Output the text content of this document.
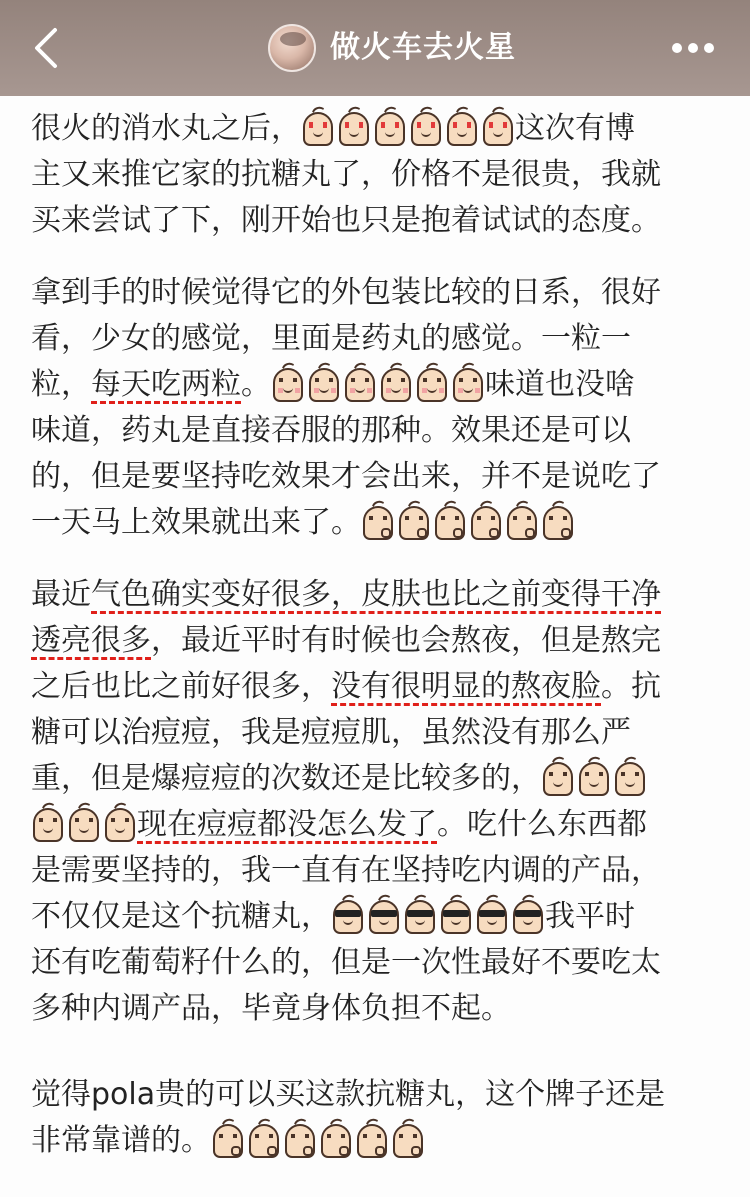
做火车去火星
很火的消水丸之后，	这次有博
主又来推它家的抗糖丸了，价格不是很贵，我就
买来尝试了下，刚开始也只是抱着试试的态度。
拿到手的时候觉得它的外包装比较的日系，很好
看，少女的感觉，里面是药丸的感觉。一粒一
粒，每天吃两粒。	味道也没啥
味道，药丸是直接吞服的那种。效果还是可以
的，但是要坚持吃效果才会出来，并不是说吃了
一天马上效果就出来了。
最近气色确实变好很多，皮肤也比之前变得干净
透亮很多，最近平时有时候也会熬夜，但是熬完
之后也比之前好很多，没有很明显的熬夜脸。抗
糖可以治痘痘，我是痘痘肌，虽然没有那么严
重，但是爆痘痘的次数还是比较多的，
现在痘痘都没怎么发了。吃什么东西都
是需要坚持的，我一直有在坚持吃内调的产品，
不仅仅是这个抗糖丸，	我平时
还有吃葡萄籽什么的，但是一次性最好不要吃太
多种内调产品，毕竟身体负担不起。
觉得pola贵的可以买这款抗糖丸，这个牌子还是
非常靠谱的。
